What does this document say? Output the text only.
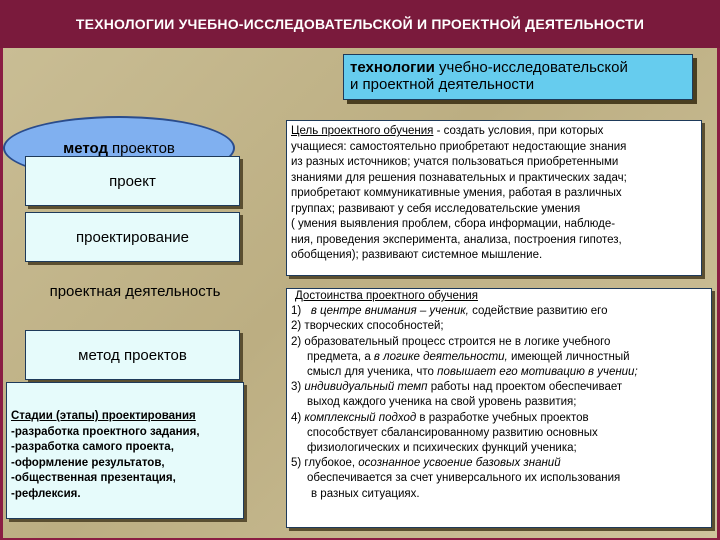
ТЕХНОЛОГИИ УЧЕБНО-ИССЛЕДОВАТЕЛЬСКОЙ И ПРОЕКТНОЙ ДЕЯТЕЛЬНОСТИ
метод проектов
технологии учебно-исследовательской
и проектной деятельности
проект
проектирование
проектная деятельность
метод проектов
Стадии (этапы) проектирования
-разработка проектного задания,
-разработка самого проекта,
-оформление результатов,
-общественная презентация,
-рефлексия.
Цель проектного обучения - создать условия, при которых
учащиеся: самостоятельно приобретают недостающие знания
из разных источников; учатся пользоваться приобретенными
знаниями для решения познавательных и практических задач;
приобретают коммуникативные умения, работая в различных
группах; развивают у себя исследовательские умения
( умения выявления проблем, сбора информации, наблюде-
ния, проведения эксперимента, анализа, построения гипотез,
обобщения); развивают системное мышление.
Достоинства проектного обучения
1) в центре внимания – ученик, содействие развитию его
2) творческих способностей;
2) образовательный процесс строится не в логике учебного
предмета, а в логике деятельности, имеющей личностный
смысл для ученика, что повышает его мотивацию в учении;
3) индивидуальный темп работы над проектом обеспечивает
выход каждого ученика на свой уровень развития;
4) комплексный подход в разработке учебных проектов
способствует сбалансированному развитию основных
физиологических и психических функций ученика;
5) глубокое, осознанное усвоение базовых знаний
обеспечивается за счет универсального их использования
в разных ситуациях.
